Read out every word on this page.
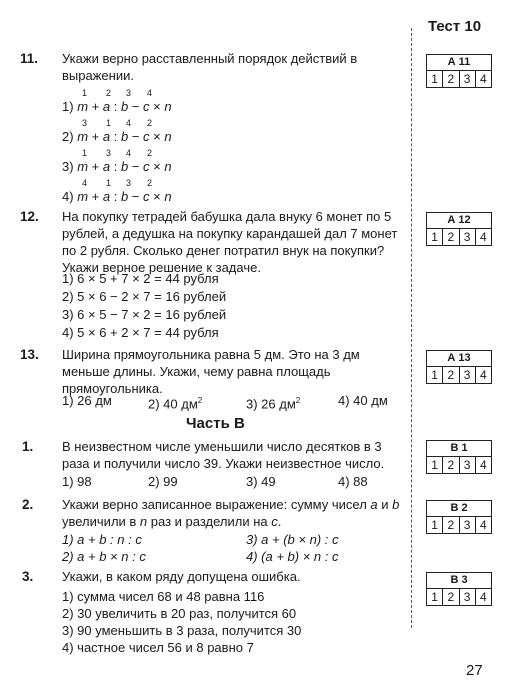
Тест 10
11. Укажи верно расставленный порядок действий в выражении.
1 2 3 4
1) m + a : b − c × n
3 1 4 2
2) m + a : b − c × n
1 3 4 2
3) m + a : b − c × n
4 1 3 2
4) m + a : b − c × n
12. На покупку тетрадей бабушка дала внуку 6 монет по 5 рублей, а дедушка на покупку карандашей дал 7 монет по 2 рубля. Сколько денег потратил внук на покупки? Укажи верное решение к задаче.
1) 6 × 5 + 7 × 2 = 44 рубля
2) 5 × 6 − 2 × 7 = 16 рублей
3) 6 × 5 − 7 × 2 = 16 рублей
4) 5 × 6 + 2 × 7 = 44 рубля
13. Ширина прямоугольника равна 5 дм. Это на 3 дм меньше длины. Укажи, чему равна площадь прямоугольника.
1) 26 дм	2) 40 $дм^2$	3) 26 $дм^2$	4) 40 дм
Часть В
1. В неизвестном числе уменьшили число десятков в 3 раза и получили число 39. Укажи неизвестное число.
1) 98	2) 99	3) 49	4) 88
2. Укажи верно записанное выражение: сумму чисел a и b увеличили в n раз и разделили на c.
1) a + b : n : c
2) a + b × n : c
3) a + (b × n) : c
4) (a + b) × n : c
3. Укажи, в каком ряду допущена ошибка.
1) сумма чисел 68 и 48 равна 116
2) 30 увеличить в 20 раз, получится 60
3) 90 уменьшить в 3 раза, получится 30
4) частное чисел 56 и 8 равно 7
А 11
1 2 3 4
А 12
1 2 3 4
А 13
1 2 3 4
В 1
1 2 3 4
В 2
1 2 3 4
В 3
1 2 3 4
27
